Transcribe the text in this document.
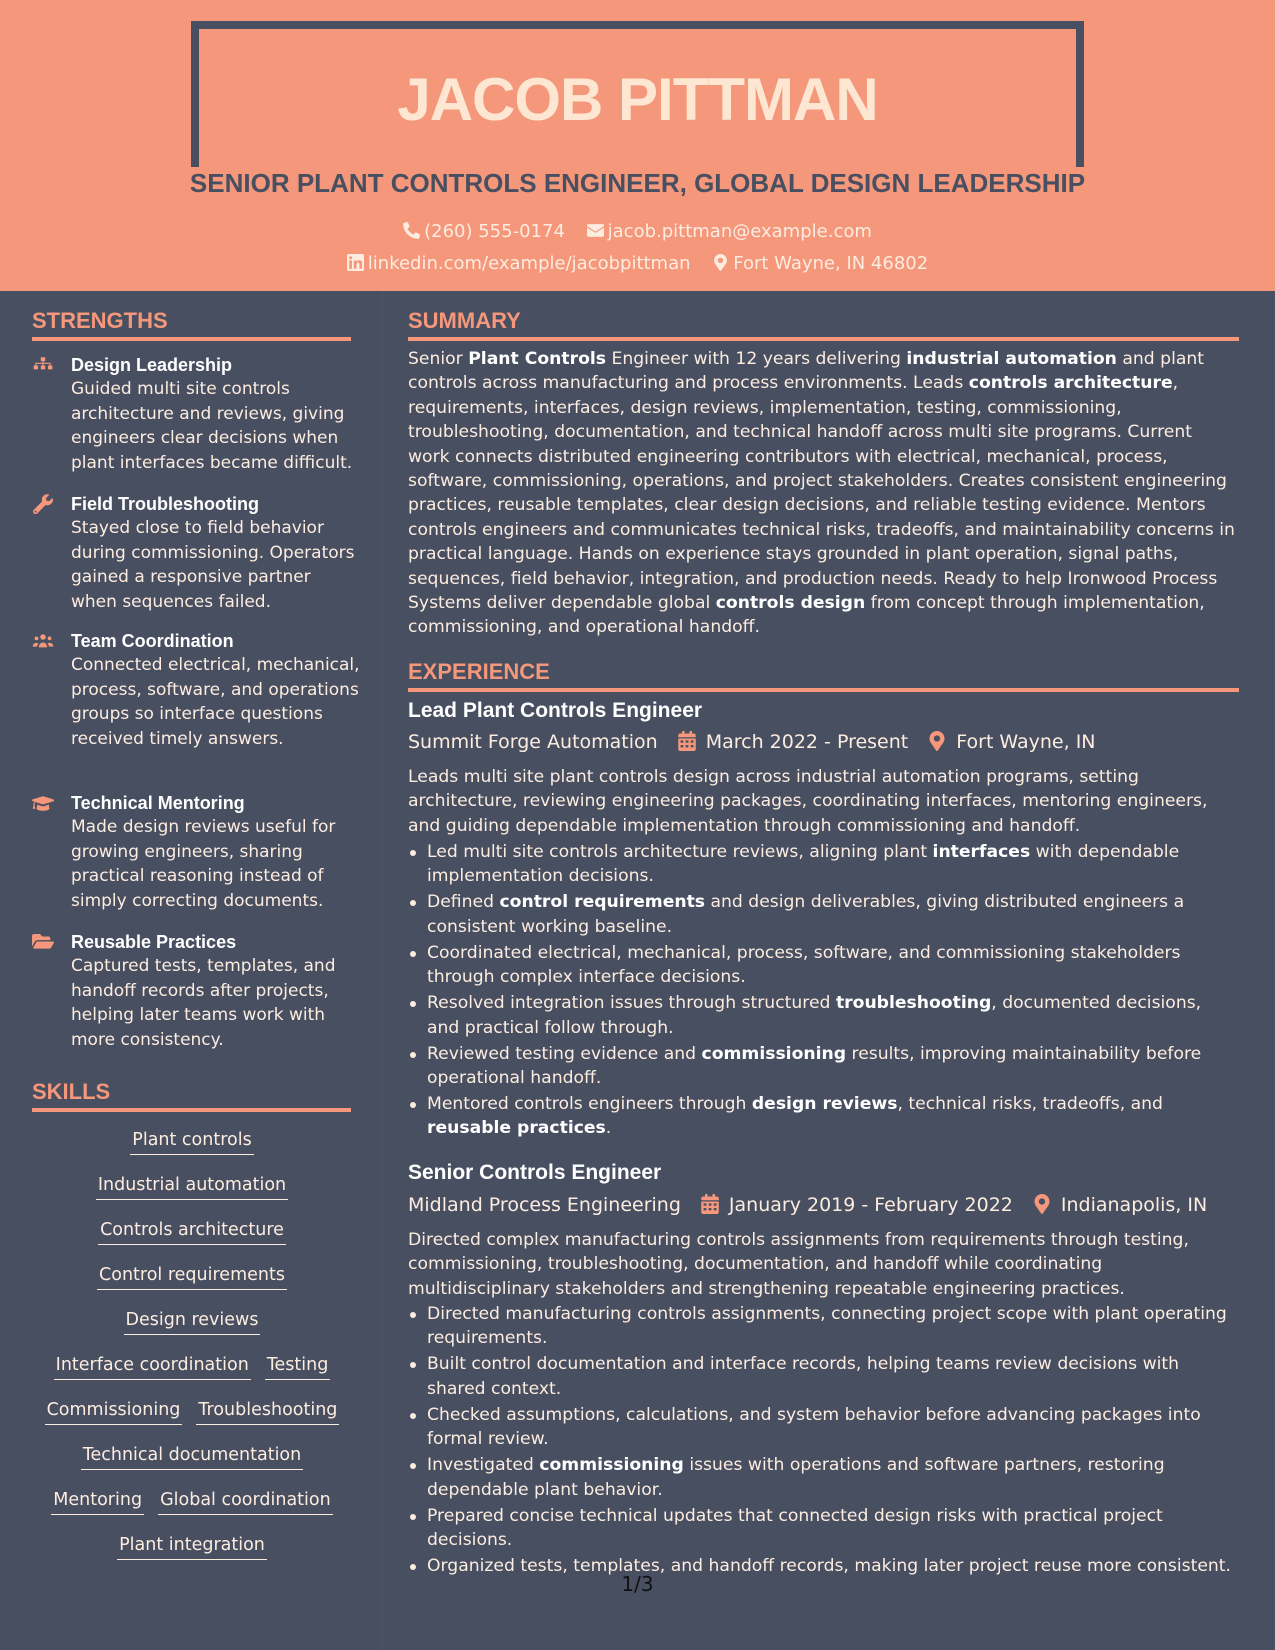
JACOB PITTMAN
SENIOR PLANT CONTROLS ENGINEER, GLOBAL DESIGN LEADERSHIP
(260) 555-0174 jacob.pittman@example.com
linkedin.com/example/jacobpittman Fort Wayne, IN 46802
STRENGTHS
Design Leadership
Guided multi site controls architecture and reviews, giving engineers clear decisions when plant interfaces became difficult.
Field Troubleshooting
Stayed close to field behavior during commissioning. Operators gained a responsive partner when sequences failed.
Team Coordination
Connected electrical, mechanical, process, software, and operations groups so interface questions received timely answers.
Technical Mentoring
Made design reviews useful for growing engineers, sharing practical reasoning instead of simply correcting documents.
Reusable Practices
Captured tests, templates, and handoff records after projects, helping later teams work with more consistency.
SKILLS
Plant controls
Industrial automation
Controls architecture
Control requirements
Design reviews
Interface coordination Testing
Commissioning Troubleshooting
Technical documentation
Mentoring Global coordination
Plant integration
SUMMARY
Senior Plant Controls Engineer with 12 years delivering industrial automation and plant controls across manufacturing and process environments. Leads controls architecture, requirements, interfaces, design reviews, implementation, testing, commissioning, troubleshooting, documentation, and technical handoff across multi site programs. Current work connects distributed engineering contributors with electrical, mechanical, process, software, commissioning, operations, and project stakeholders. Creates consistent engineering practices, reusable templates, clear design decisions, and reliable testing evidence. Mentors controls engineers and communicates technical risks, tradeoffs, and maintainability concerns in practical language. Hands on experience stays grounded in plant operation, signal paths, sequences, field behavior, integration, and production needs. Ready to help Ironwood Process Systems deliver dependable global controls design from concept through implementation, commissioning, and operational handoff.
EXPERIENCE
Lead Plant Controls Engineer
Summit Forge Automation	March 2022 - Present	Fort Wayne, IN
Leads multi site plant controls design across industrial automation programs, setting architecture, reviewing engineering packages, coordinating interfaces, mentoring engineers, and guiding dependable implementation through commissioning and handoff.
Led multi site controls architecture reviews, aligning plant interfaces with dependable implementation decisions.
Defined control requirements and design deliverables, giving distributed engineers a consistent working baseline.
Coordinated electrical, mechanical, process, software, and commissioning stakeholders through complex interface decisions.
Resolved integration issues through structured troubleshooting, documented decisions, and practical follow through.
Reviewed testing evidence and commissioning results, improving maintainability before operational handoff.
Mentored controls engineers through design reviews, technical risks, tradeoffs, and reusable practices.
Senior Controls Engineer
Midland Process Engineering	January 2019 - February 2022	Indianapolis, IN
Directed complex manufacturing controls assignments from requirements through testing, commissioning, troubleshooting, documentation, and handoff while coordinating multidisciplinary stakeholders and strengthening repeatable engineering practices.
Directed manufacturing controls assignments, connecting project scope with plant operating requirements.
Built control documentation and interface records, helping teams review decisions with shared context.
Checked assumptions, calculations, and system behavior before advancing packages into formal review.
Investigated commissioning issues with operations and software partners, restoring dependable plant behavior.
Prepared concise technical updates that connected design risks with practical project decisions.
Organized tests, templates, and handoff records, making later project reuse more consistent.
1/3
